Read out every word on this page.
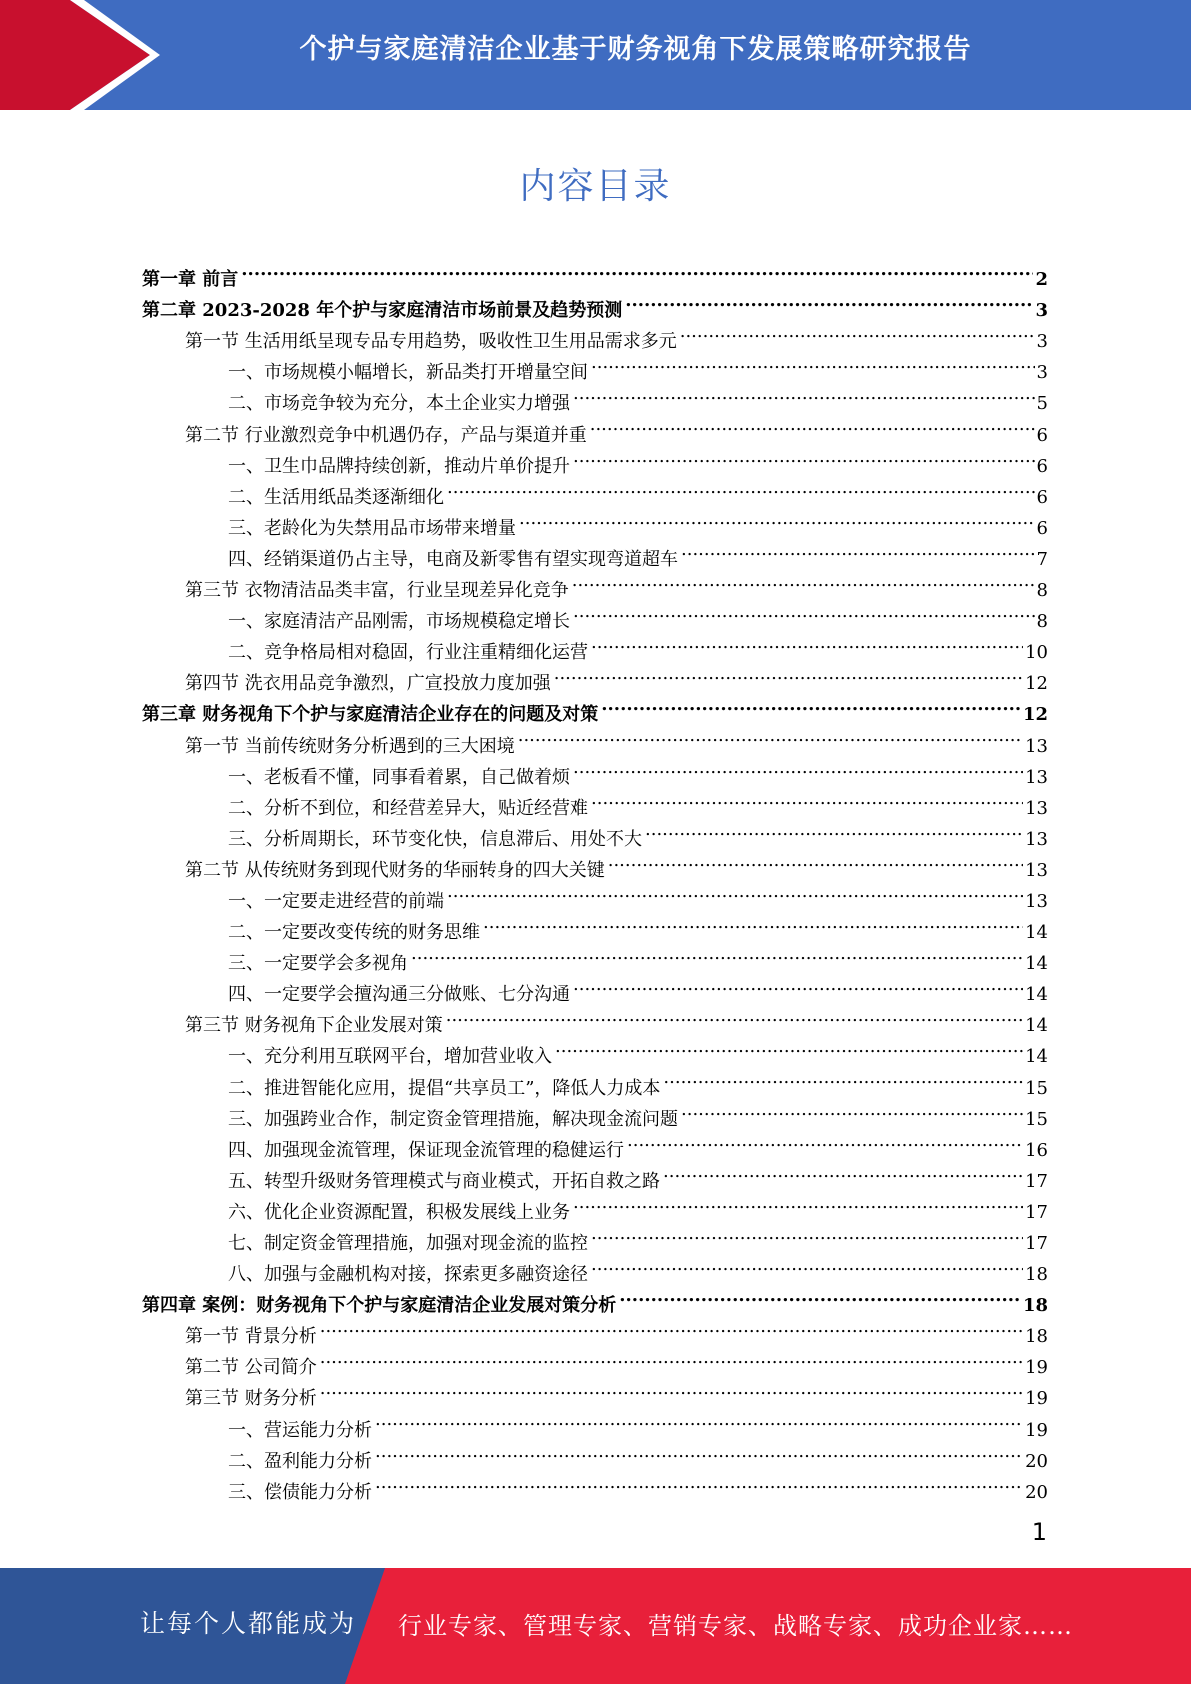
个护与家庭清洁企业基于财务视角下发展策略研究报告
内容目录
第一章 前言 .....	2
第二章 2023-2028 年个护与家庭清洁市场前景及趋势预测 .....	3
第一节 生活用纸呈现专品专用趋势，吸收性卫生用品需求多元 .....	3
一、市场规模小幅增长，新品类打开增量空间 .....	3
二、市场竞争较为充分，本土企业实力增强 .....	5
第二节 行业激烈竞争中机遇仍存，产品与渠道并重 .....	6
一、卫生巾品牌持续创新，推动片单价提升 .....	6
二、生活用纸品类逐渐细化 .....	6
三、老龄化为失禁用品市场带来增量 .....	6
四、经销渠道仍占主导，电商及新零售有望实现弯道超车 .....	7
第三节 衣物清洁品类丰富，行业呈现差异化竞争 .....	8
一、家庭清洁产品刚需，市场规模稳定增长 .....	8
二、竞争格局相对稳固，行业注重精细化运营 .....	10
第四节 洗衣用品竞争激烈，广宣投放力度加强 .....	12
第三章 财务视角下个护与家庭清洁企业存在的问题及对策 .....	12
第一节 当前传统财务分析遇到的三大困境 .....	13
一、老板看不懂，同事看着累，自己做着烦 .....	13
二、分析不到位，和经营差异大，贴近经营难 .....	13
三、分析周期长，环节变化快，信息滞后、用处不大 .....	13
第二节 从传统财务到现代财务的华丽转身的四大关键 .....	13
一、一定要走进经营的前端 .....	13
二、一定要改变传统的财务思维 .....	14
三、一定要学会多视角 .....	14
四、一定要学会擅沟通三分做账、七分沟通 .....	14
第三节 财务视角下企业发展对策 .....	14
一、充分利用互联网平台，增加营业收入 .....	14
二、推进智能化应用，提倡“共享员工”，降低人力成本 .....	15
三、加强跨业合作，制定资金管理措施，解决现金流问题 .....	15
四、加强现金流管理，保证现金流管理的稳健运行 .....	16
五、转型升级财务管理模式与商业模式，开拓自救之路 .....	17
六、优化企业资源配置，积极发展线上业务 .....	17
七、制定资金管理措施，加强对现金流的监控 .....	17
八、加强与金融机构对接，探索更多融资途径 .....	18
第四章 案例：财务视角下个护与家庭清洁企业发展对策分析 .....	18
第一节 背景分析 .....	18
第二节 公司简介 .....	19
第三节 财务分析 .....	19
一、营运能力分析 .....	19
二、盈利能力分析 .....	20
三、偿债能力分析 .....	20
1
让每个人都能成为 行业专家、管理专家、营销专家、战略专家、成功企业家……
